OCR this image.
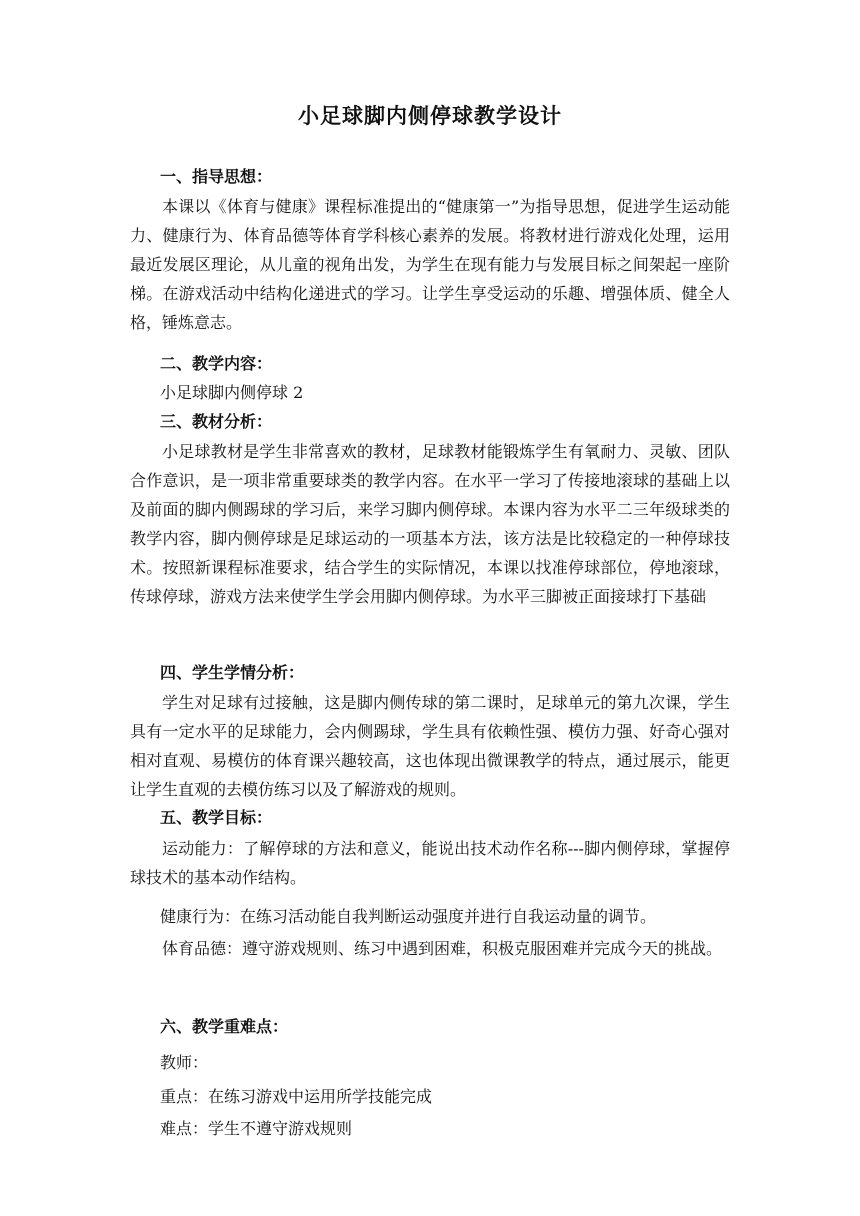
小足球脚内侧停球教学设计
一、指导思想：
本课以《体育与健康》课程标准提出的“健康第一”为指导思想，促进学生运动能力、健康行为、体育品德等体育学科核心素养的发展。将教材进行游戏化处理，运用最近发展区理论，从儿童的视角出发，为学生在现有能力与发展目标之间架起一座阶梯。在游戏活动中结构化递进式的学习。让学生享受运动的乐趣、增强体质、健全人格，锤炼意志。
二、教学内容：
小足球脚内侧停球 2
三、教材分析：
小足球教材是学生非常喜欢的教材，足球教材能锻炼学生有氧耐力、灵敏、团队合作意识，是一项非常重要球类的教学内容。在水平一学习了传接地滚球的基础上以及前面的脚内侧踢球的学习后，来学习脚内侧停球。本课内容为水平二三年级球类的教学内容，脚内侧停球是足球运动的一项基本方法，该方法是比较稳定的一种停球技术。按照新课程标准要求，结合学生的实际情况，本课以找准停球部位，停地滚球，传球停球，游戏方法来使学生学会用脚内侧停球。为水平三脚被正面接球打下基础
四、学生学情分析：
学生对足球有过接触，这是脚内侧传球的第二课时，足球单元的第九次课，学生具有一定水平的足球能力，会内侧踢球，学生具有依赖性强、模仿力强、好奇心强对相对直观、易模仿的体育课兴趣较高，这也体现出微课教学的特点，通过展示，能更让学生直观的去模仿练习以及了解游戏的规则。
五、教学目标：
运动能力：了解停球的方法和意义，能说出技术动作名称---脚内侧停球，掌握停球技术的基本动作结构。
健康行为：在练习活动能自我判断运动强度并进行自我运动量的调节。
体育品德：遵守游戏规则、练习中遇到困难，积极克服困难并完成今天的挑战。
六、教学重难点：
教师：
重点：在练习游戏中运用所学技能完成
难点：学生不遵守游戏规则
